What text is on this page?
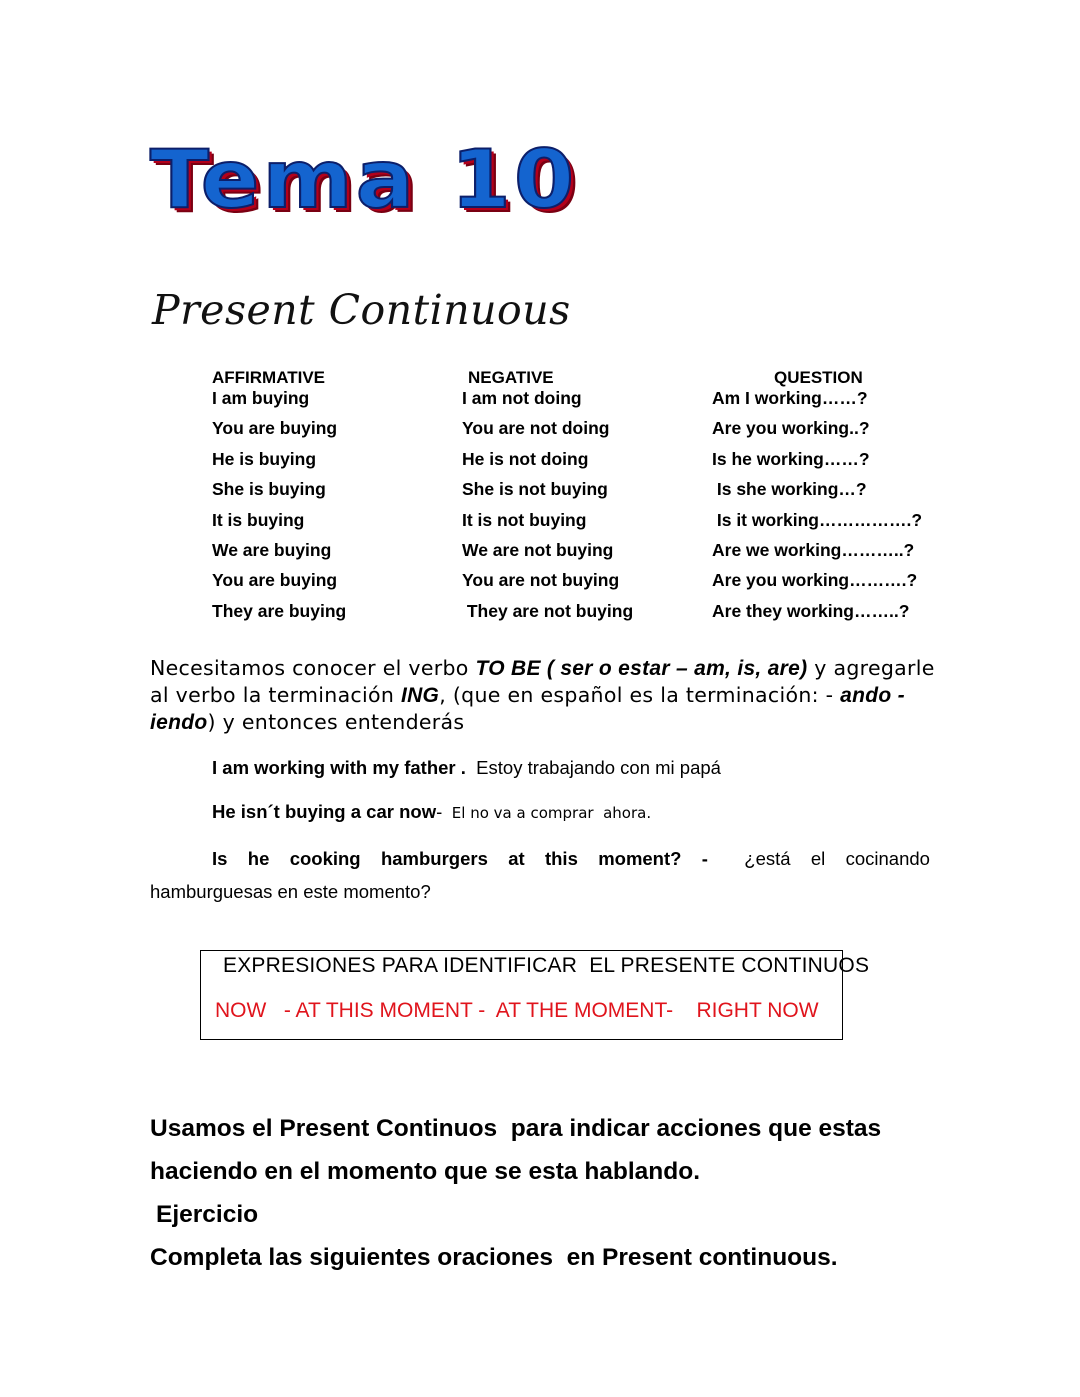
Tema 10
Present Continuous
AFFIRMATIVE
I am buying
You are buying
He is buying
She is buying
It is buying
We are buying
You are buying
They are buying
NEGATIVE
I am not doing
You are not doing
He is not doing
She is not buying
It is not buying
We are not buying
You are not buying
They are not buying
QUESTION
Am I working……?
Are you working..?
Is he working……?
Is she working…?
Is it working…………….?
Are we working………..?
Are you working……….?
Are they working……..?

Necesitamos conocer el verbo TO BE ( ser o estar – am, is, are) y agregarle al verbo la terminación ING, (que en español es la terminación: - ando -iendo) y entonces entenderás

I am working with my father .  Estoy trabajando con mi papá
He isn´t buying a car now-  El no va a comprar  ahora.
Is he cooking hamburgers at this moment? - ¿está el cocinando
hamburguesas en este momento?
EXPRESIONES PARA IDENTIFICAR  EL PRESENTE CONTINUOS
NOW   - AT THIS MOMENT -  AT THE MOMENT-    RIGHT NOW

Usamos el Present Continuos  para indicar acciones que estas haciendo en el momento que se esta hablando.

Ejercicio
Completa las siguientes oraciones  en Present continuous.
